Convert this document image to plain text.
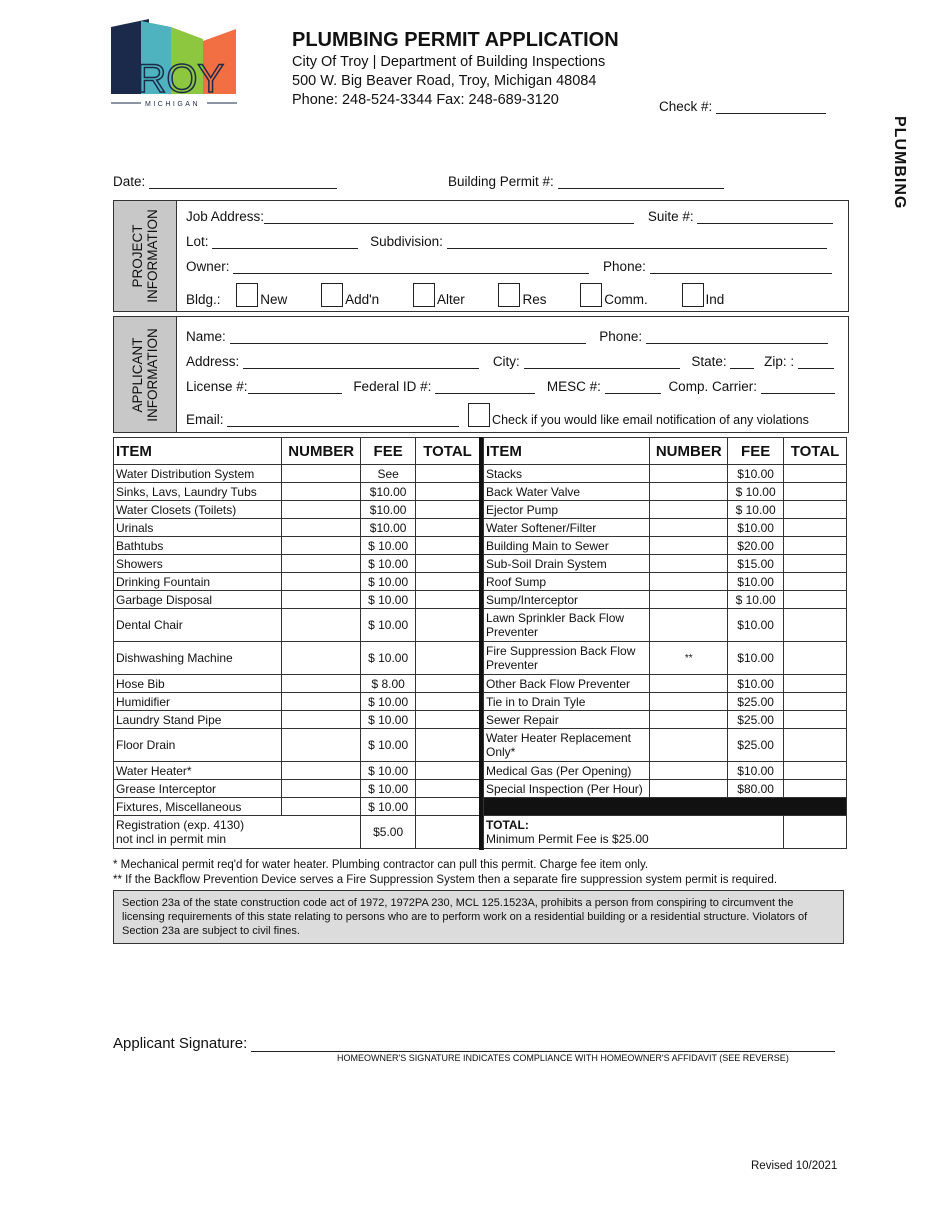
TROY
MICHIGAN
PLUMBING PERMIT APPLICATION
City Of Troy | Department of Building Inspections
500 W. Big Beaver Road, Troy, Michigan 48084
Phone: 248-524-3344 Fax: 248-689-3120	Check #:
PLUMBING
Date:	Building Permit #:
PROJECT INFORMATION Job Address:	Suite #:
Lot:	Subdivision:
Owner:	Phone:
Bldg.:	New	Add'n	Alter	Res	Comm.	Ind
APPLICANT INFORMATION Name:	Phone:
Address:	City:	State:	Zip: :
License #:	Federal ID #:	MESC #:	Comp. Carrier:
Email:	Check if you would like email notification of any violations
ITEM	NUMBER	FEE	TOTAL
Water Distribution System		See	
Sinks, Lavs, Laundry Tubs		$10.00	
Water Closets (Toilets)		$10.00	
Urinals		$10.00	
Bathtubs		$ 10.00	
Showers		$ 10.00	
Drinking Fountain		$ 10.00	
Garbage Disposal		$ 10.00	
Dental Chair		$ 10.00	
Dishwashing Machine		$ 10.00	
Hose Bib		$ 8.00	
Humidifier		$ 10.00	
Laundry Stand Pipe		$ 10.00	
Floor Drain		$ 10.00	
Water Heater*		$ 10.00	
Grease Interceptor		$ 10.00	
Fixtures, Miscellaneous		$ 10.00	

Registration (exp. 4130)
not incl in permit min		$5.00	
ITEM	NUMBER	FEE	TOTAL
Stacks		$10.00	
Back Water Valve		$ 10.00	
Ejector Pump		$ 10.00	
Water Softener/Filter		$10.00	
Building Main to Sewer		$20.00	
Sub-Soil Drain System		$15.00	
Roof Sump		$10.00	
Sump/Interceptor		$ 10.00	
Lawn Sprinkler Back Flow Preventer		$10.00	
Fire Suppression Back Flow Preventer	**	$10.00	
Other Back Flow Preventer		$10.00	
Tie in to Drain Tyle		$25.00	
Sewer Repair		$25.00	
Water Heater Replacement Only*		$25.00	
Medical Gas (Per Opening)		$10.00	
Special Inspection (Per Hour)		$80.00	

TOTAL:
Minimum Permit Fee is $25.00			

* Mechanical permit req'd for water heater. Plumbing contractor can pull this permit. Charge fee item only.
** If the Backflow Prevention Device serves a Fire Suppression System then a separate fire suppression system permit is required.
Section 23a of the state construction code act of 1972, 1972PA 230, MCL 125.1523A, prohibits a person from conspiring to circumvent the licensing requirements of this state relating to persons who are to perform work on a residential building or a residential structure. Violators of Section 23a are subject to civil fines.
Applicant Signature:
HOMEOWNER'S SIGNATURE INDICATES COMPLIANCE WITH HOMEOWNER'S AFFIDAVIT (SEE REVERSE)
Revised 10/2021
